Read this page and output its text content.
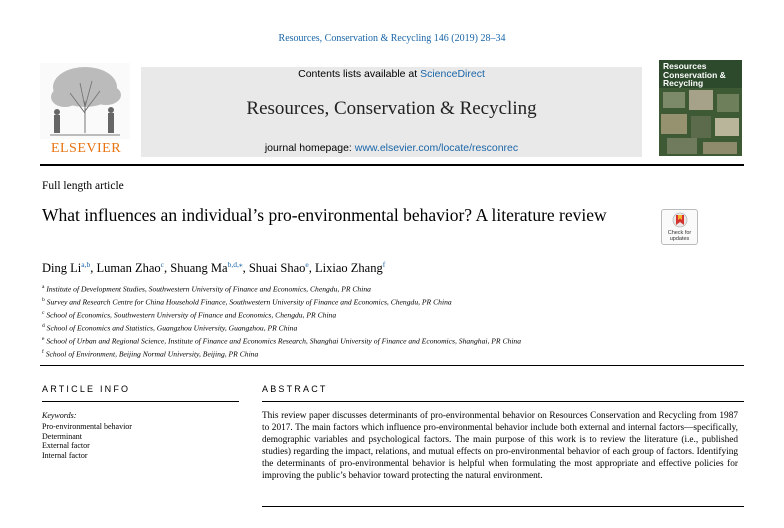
Resources, Conservation & Recycling 146 (2019) 28–34
ELSEVIER
Contents lists available at ScienceDirect
Resources, Conservation & Recycling
journal homepage: www.elsevier.com/locate/resconrec
Resources Conservation & Recycling
Full length article
What influences an individual’s pro-environmental behavior? A literature review
Check for updates
Ding Li$^{a,b}$, Luman Zhao$^c$, Shuang $Ma^{b,d,⁎}$, Shuai Shao$^e$, Lixiao Zhang$^f$
$^a$ Institute of Development Studies, Southwestern University of Finance and Economics, Chengdu, PR China
$^b$ Survey and Research Centre for China Household Finance, Southwestern University of Finance and Economics, Chengdu, PR China
$^c$ School of Economics, Southwestern University of Finance and Economics, Chengdu, PR China
$^d$ School of Economics and Statistics, Guangzhou University, Guangzhou, PR China
$^e$ School of Urban and Regional Science, Institute of Finance and Economics Research, Shanghai University of Finance and Economics, Shanghai, PR China
$^f$ School of Environment, Beijing Normal University, Beijing, PR China
ARTICLE INFO
Keywords:
Pro-environmental behavior
Determinant
External factor
Internal factor
ABSTRACT
This review paper discusses determinants of pro-environmental behavior on Resources Conservation and Recycling from 1987 to 2017. The main factors which influence pro-environmental behavior include both external and internal factors—specifically, demographic variables and psychological factors. The main purpose of this work is to review the literature (i.e., published studies) regarding the impact, relations, and mutual effects on pro-environmental behavior of each group of factors. Identifying the determinants of pro-environmental behavior is helpful when formulating the most appropriate and effective policies for improving the public’s behavior toward protecting the natural environment.
